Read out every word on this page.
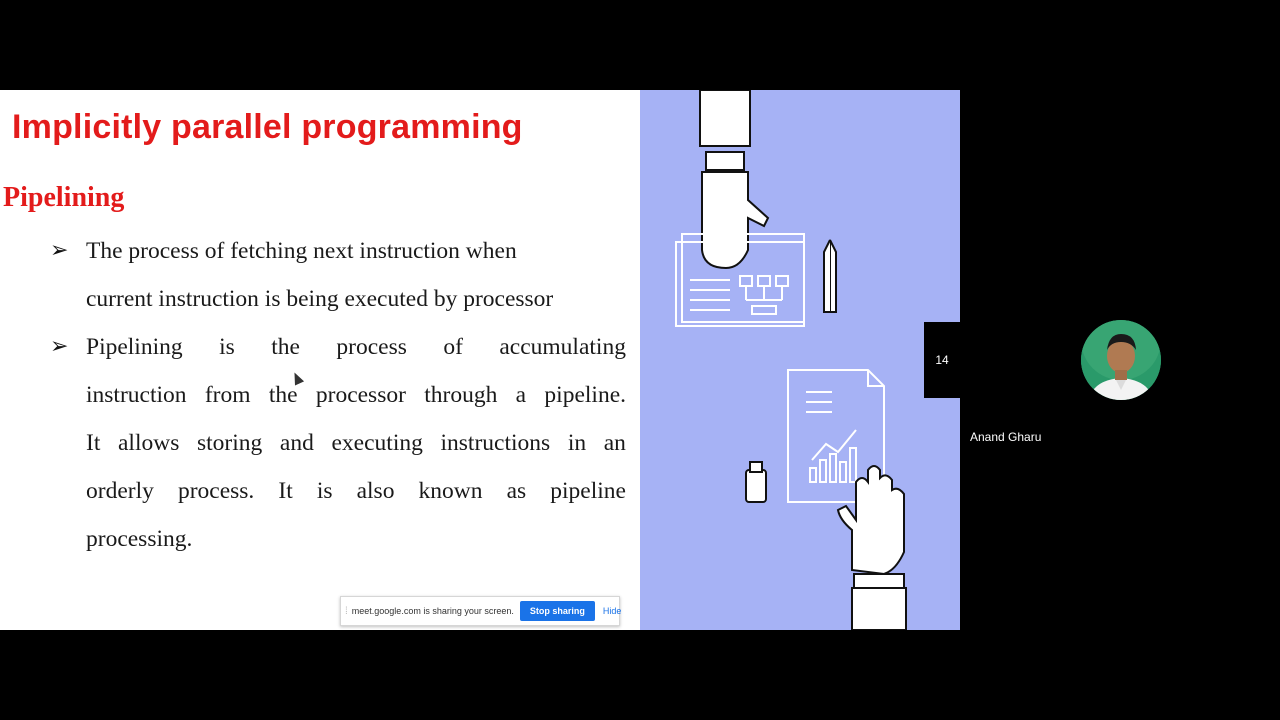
Implicitly parallel programming
Pipelining
➢ The process of fetching next instruction when
current instruction is being executed by processor
➢ Pipelining is the process of accumulating
instruction from the processor through a pipeline.
It allows storing and executing instructions in an
orderly process. It is also known as pipeline
processing.
⁞ meet.google.com is sharing your screen.	Stop sharing	Hide
14
Anand Gharu
